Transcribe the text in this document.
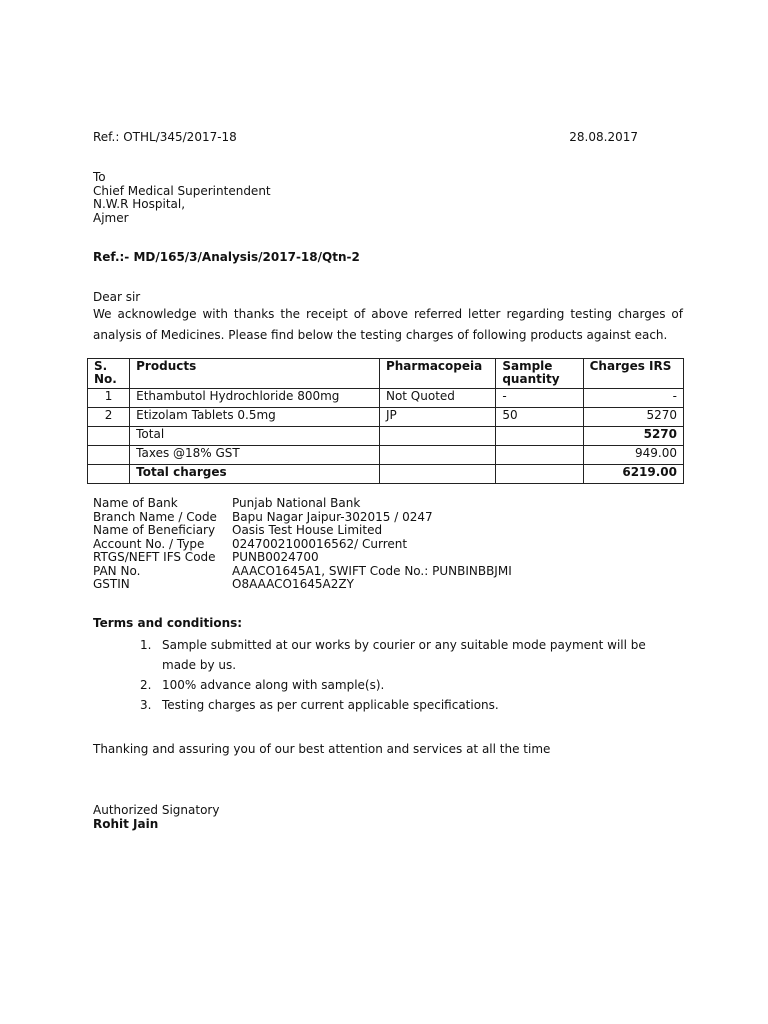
Ref.: OTHL/345/2017-18	28.08.2017
To
Chief Medical Superintendent
N.W.R Hospital,
Ajmer
Ref.:- MD/165/3/Analysis/2017-18/Qtn-2
Dear sir
We acknowledge with thanks the receipt of above referred letter regarding testing charges of analysis of Medicines. Please find below the testing charges of following products against each.
S. No.	Products	Pharmacopeia	Sample quantity	Charges IRS
1	Ethambutol Hydrochloride 800mg	Not Quoted	-	-
2	Etizolam Tablets 0.5mg	JP	50	5270
	Total			5270
	Taxes @18% GST			949.00
	Total charges			6219.00
Name of Bank	Punjab National Bank
Branch Name / Code	Bapu Nagar Jaipur-302015 / 0247
Name of Beneficiary	Oasis Test House Limited
Account No. / Type	0247002100016562/ Current
RTGS/NEFT IFS Code	PUNB0024700
PAN No.	AAACO1645A1, SWIFT Code No.: PUNBINBBJMI
GSTIN	O8AAACO1645A2ZY
Terms and conditions:
1. Sample submitted at our works by courier or any suitable mode payment will be made by us.
2. 100% advance along with sample(s).
3. Testing charges as per current applicable specifications.
Thanking and assuring you of our best attention and services at all the time
Authorized Signatory
Rohit Jain
